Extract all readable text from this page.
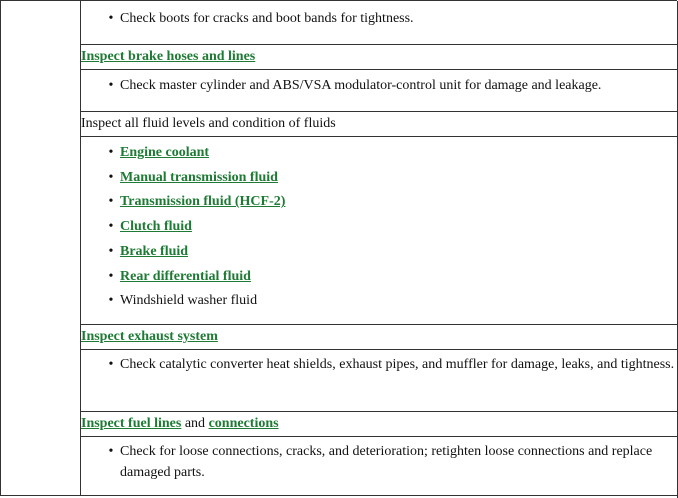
• Check boots for cracks and boot bands for tightness.
Inspect brake hoses and lines
• Check master cylinder and ABS/VSA modulator-control unit for damage and leakage.
Inspect all fluid levels and condition of fluids
• Engine coolant
• Manual transmission fluid
• Transmission fluid (HCF-2)
• Clutch fluid
• Brake fluid
• Rear differential fluid
• Windshield washer fluid
Inspect exhaust system
• Check catalytic converter heat shields, exhaust pipes, and muffler for damage, leaks, and tightness.
Inspect fuel lines and connections
• Check for loose connections, cracks, and deterioration; retighten loose connections and replace damaged parts.
